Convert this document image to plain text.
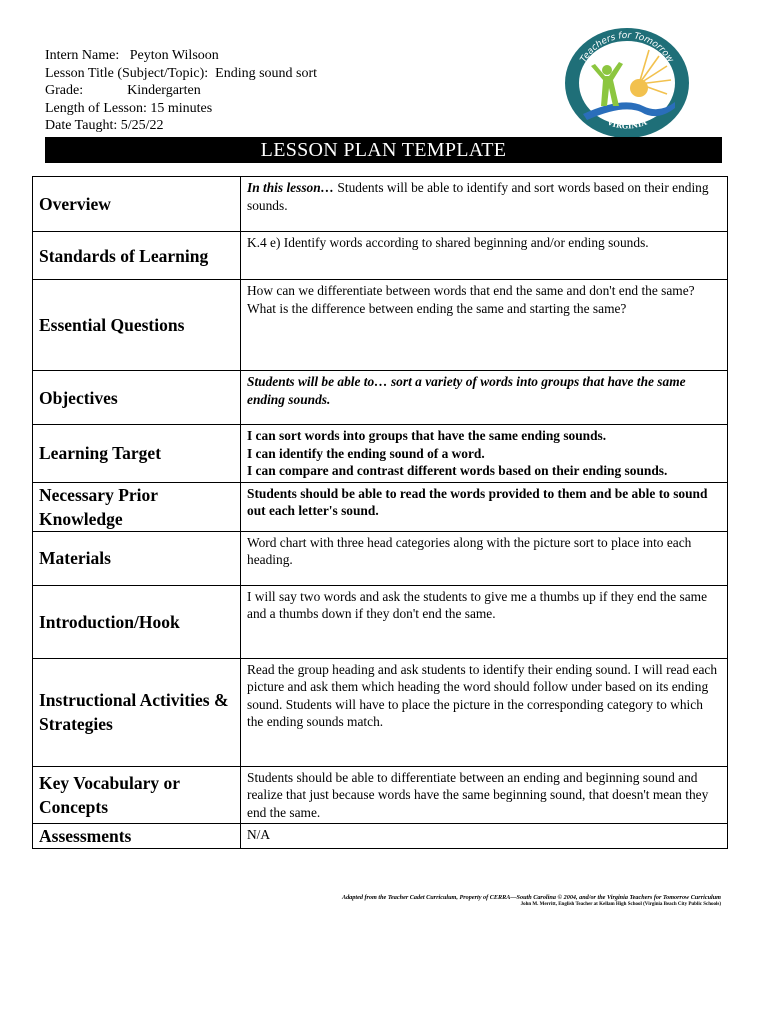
Intern Name: Peyton Wilsoon
Lesson Title (Subject/Topic): Ending sound sort
Grade:	Kindergarten
Length of Lesson: 15 minutes
Date Taught: 5/25/22
Teachers for Tomorrow
VIRGINIA
LESSON PLAN TEMPLATE
Overview	In this lesson… Students will be able to identify and sort words based on their ending sounds.
Standards of Learning	K.4 e) Identify words according to shared beginning and/or ending sounds.
Essential Questions	How can we differentiate between words that end the same and don't end the same?
What is the difference between ending the same and starting the same?

Objectives	Students will be able to… sort a variety of words into groups that have the same ending sounds.
Learning Target	I can sort words into groups that have the same ending sounds.
I can identify the ending sound of a word.
I can compare and contrast different words based on their ending sounds.

Necessary Prior Knowledge	Students should be able to read the words provided to them and be able to sound out each letter's sound.
Materials	Word chart with three head categories along with the picture sort to place into each heading.
Introduction/Hook	I will say two words and ask the students to give me a thumbs up if they end the same and a thumbs down if they don't end the same.
Instructional Activities & Strategies	Read the group heading and ask students to identify their ending sound. I will read each picture and ask them which heading the word should follow under based on its ending sound. Students will have to place the picture in the corresponding category to which the ending sounds match.
Key Vocabulary or Concepts	Students should be able to differentiate between an ending and beginning sound and realize that just because words have the same beginning sound, that doesn't mean they end the same.
Assessments	N/A
Adapted from the Teacher Cadet Curriculum, Property of CERRA—South Carolina © 2004, and/or the Virginia Teachers for Tomorrow Curriculum
John M. Merritt, English Teacher at Kellam High School (Virginia Beach City Public Schools)
